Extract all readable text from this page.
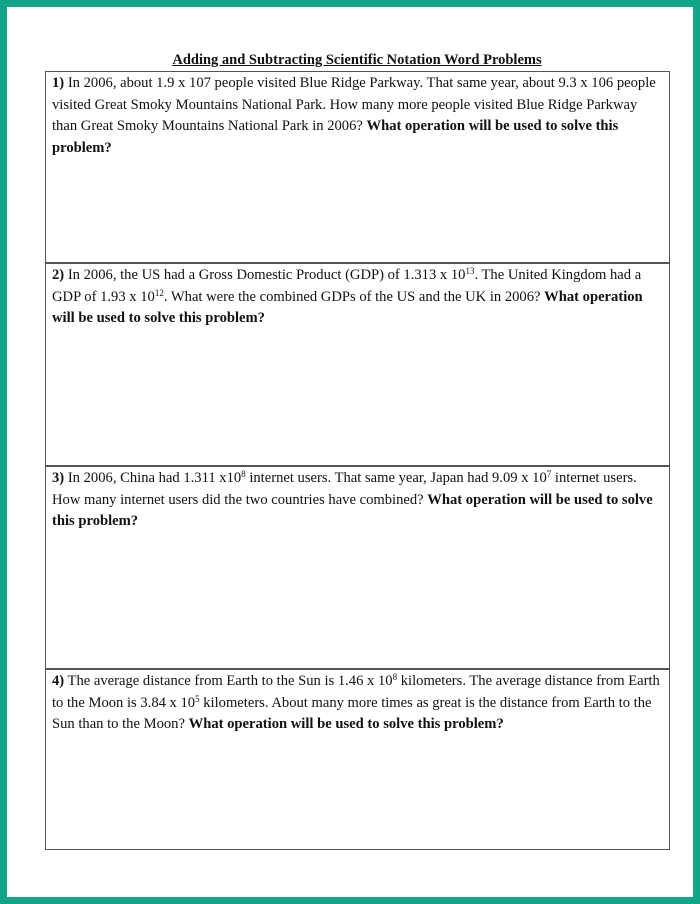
Adding and Subtracting Scientific Notation Word Problems
1) In 2006, about 1.9 x 107 people visited Blue Ridge Parkway. That same year, about 9.3 x 106 people visited Great Smoky Mountains National Park. How many more people visited Blue Ridge Parkway than Great Smoky Mountains National Park in 2006? What operation will be used to solve this problem?
2) In 2006, the US had a Gross Domestic Product (GDP) of 1.313 x $10^{13}$. The United Kingdom had a GDP of 1.93 x $10^{12}$. What were the combined GDPs of the US and the UK in 2006? What operation will be used to solve this problem?
3) In 2006, China had 1.311 $x10^8$ internet users. That same year, Japan had 9.09 x $10^7$ internet users. How many internet users did the two countries have combined? What operation will be used to solve this problem?
4) The average distance from Earth to the Sun is 1.46 x $10^8$ kilometers. The average distance from Earth to the Moon is 3.84 x $10^5$ kilometers. About many more times as great is the distance from Earth to the Sun than to the Moon? What operation will be used to solve this problem?
